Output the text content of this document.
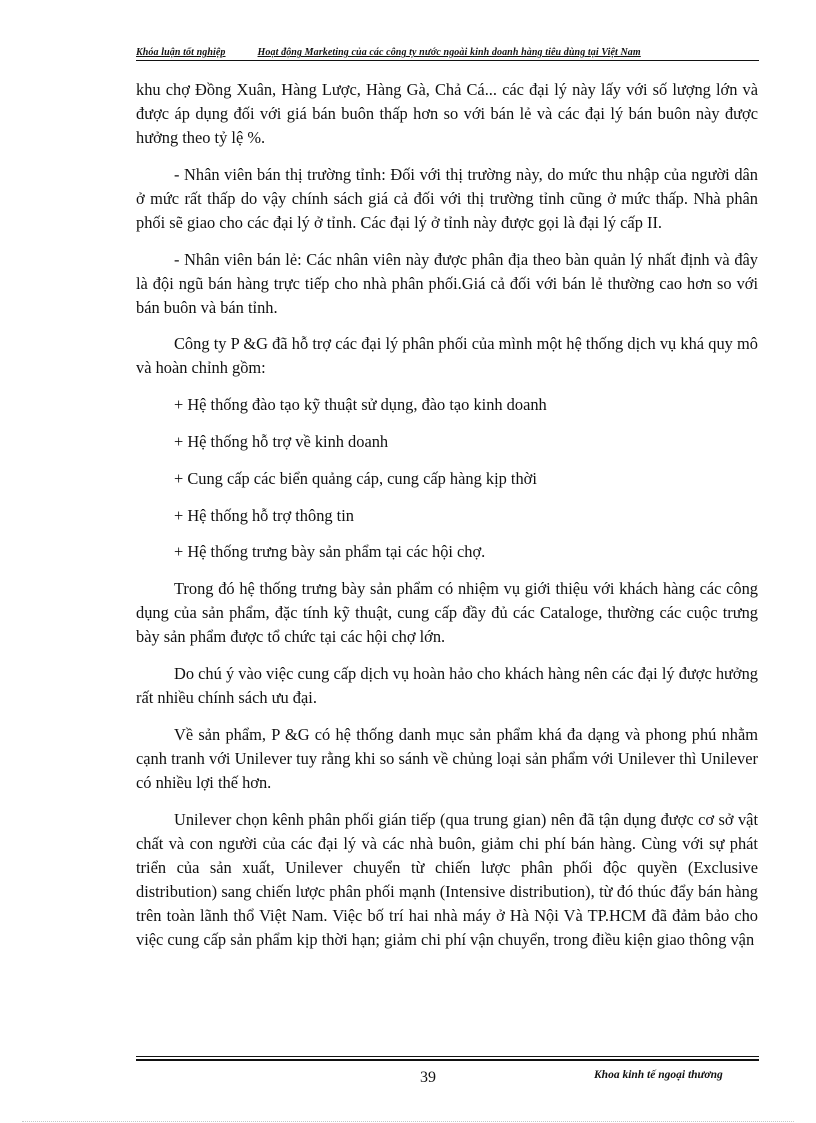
Khóa luận tốt nghiệp	Hoạt động Marketing của các công ty nước ngoài kinh doanh hàng tiêu dùng tại Việt Nam

khu chợ Đồng Xuân, Hàng Lược, Hàng Gà, Chả Cá... các đại lý này lấy với số lượng lớn và được áp dụng đối với giá bán buôn thấp hơn so với bán lẻ và các đại lý bán buôn này được hưởng theo tỷ lệ %.

- Nhân viên bán thị trường tỉnh: Đối với thị trường này, do mức thu nhập của người dân ở mức rất thấp do vậy chính sách giá cả đối với thị trường tỉnh cũng ở mức thấp. Nhà phân phối sẽ giao cho các đại lý ở tỉnh. Các đại lý ở tỉnh này được gọi là đại lý cấp II.

- Nhân viên bán lẻ: Các nhân viên này được phân địa theo bàn quản lý nhất định và đây là đội ngũ bán hàng trực tiếp cho nhà phân phối.Giá cả đối với bán lẻ thường cao hơn so với bán buôn và bán tỉnh.

Công ty P &G đã hỗ trợ các đại lý phân phối của mình một hệ thống dịch vụ khá quy mô và hoàn chỉnh gồm:

+ Hệ thống đào tạo kỹ thuật sử dụng, đào tạo kinh doanh

+ Hệ thống hỗ trợ về kinh doanh

+ Cung cấp các biển quảng cáp, cung cấp hàng kịp thời

+ Hệ thống hỗ trợ thông tin

+ Hệ thống trưng bày sản phẩm tại các hội chợ.

Trong đó hệ thống trưng bày sản phẩm có nhiệm vụ giới thiệu với khách hàng các công dụng của sản phẩm, đặc tính kỹ thuật, cung cấp đầy đủ các Cataloge, thường các cuộc trưng bày sản phẩm được tổ chức tại các hội chợ lớn.

Do chú ý vào việc cung cấp dịch vụ hoàn hảo cho khách hàng nên các đại lý được hưởng rất nhiều chính sách ưu đại.

Về sản phẩm, P &G có hệ thống danh mục sản phẩm khá đa dạng và phong phú nhằm cạnh tranh với Unilever tuy rằng khi so sánh về chủng loại sản phẩm với Unilever thì Unilever có nhiều lợi thế hơn.

Unilever chọn kênh phân phối gián tiếp (qua trung gian) nên đã tận dụng được cơ sở vật chất và con người của các đại lý và các nhà buôn, giảm chi phí bán hàng. Cùng với sự phát triển của sản xuất, Unilever chuyển từ chiến lược phân phối độc quyền (Exclusive distribution) sang chiến lược phân phối mạnh (Intensive distribution), từ đó thúc đẩy bán hàng trên toàn lãnh thổ Việt Nam. Việc bố trí hai nhà máy ở Hà Nội Và TP.HCM đã đảm bảo cho việc cung cấp sản phẩm kịp thời hạn; giảm chi phí vận chuyển, trong điều kiện giao thông vận

39	Khoa kinh tế ngoại thương
